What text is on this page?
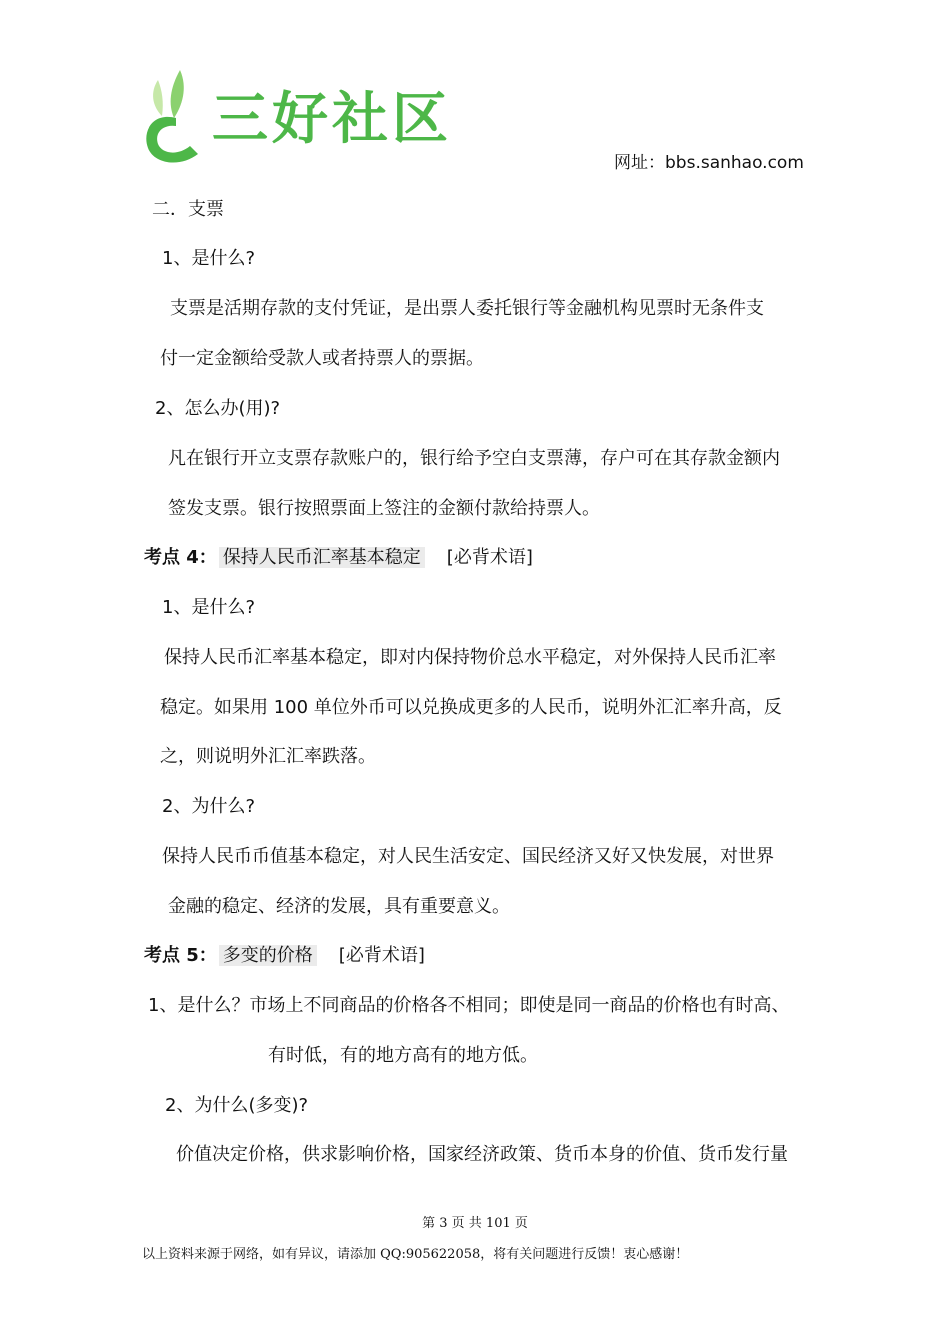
三好社区
网址：bbs.sanhao.com
二．支票
1、是什么?
支票是活期存款的支付凭证，是出票人委托银行等金融机构见票时无条件支
付一定金额给受款人或者持票人的票据。
2、怎么办(用)?
凡在银行开立支票存款账户的，银行给予空白支票薄，存户可在其存款金额内
签发支票。银行按照票面上签注的金额付款给持票人。
考点 4： 保持人民币汇率基本稳定 [必背术语]
1、是什么?
保持人民币汇率基本稳定，即对内保持物价总水平稳定，对外保持人民币汇率
稳定。如果用 100 单位外币可以兑换成更多的人民币，说明外汇汇率升高，反
之，则说明外汇汇率跌落。
2、为什么?
保持人民币币值基本稳定，对人民生活安定、国民经济又好又快发展，对世界
金融的稳定、经济的发展，具有重要意义。
考点 5： 多变的价格 [必背术语]
1、是什么？市场上不同商品的价格各不相同；即使是同一商品的价格也有时高、
有时低，有的地方高有的地方低。
2、为什么(多变)?
价值决定价格，供求影响价格，国家经济政策、货币本身的价值、货币发行量
第 3 页 共 101 页
以上资料来源于网络，如有异议，请添加 QQ:905622058，将有关问题进行反馈！衷心感谢！
